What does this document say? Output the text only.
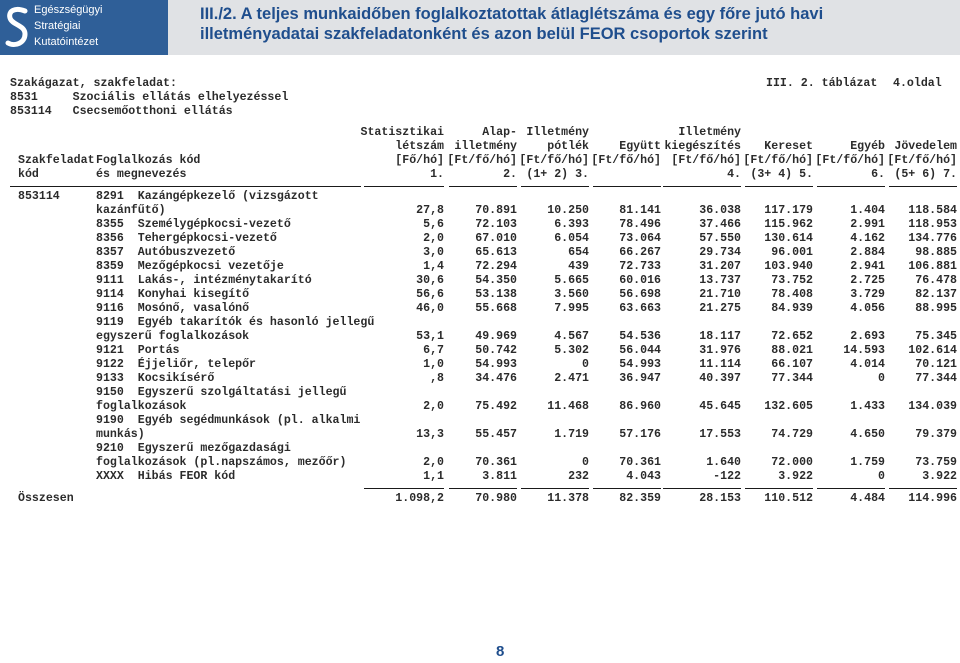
Egészségügyi
Stratégiai
Kutatóintézet
III./2. A teljes munkaidőben foglalkoztatottak átlaglétszáma és egy főre jutó havi
illetményadatai szakfeladatonként és azon belül FEOR csoportok szerint
Szakágazat, szakfeladat:	III. 2. táblázat 4.oldal
8531     Szociális ellátás elhelyezéssel
853114   Csecsemőotthoni ellátás
Szakfeladat
kód
Foglalkozás kód
és megnevezés
Statisztikai
létszám
[Fő/hó]
1.
Alap-
illetmény
[Ft/fő/hó]
2.
Illetmény
pótlék
[Ft/fő/hó]
(1+ 2) 3.
Együtt
[Ft/fő/hó]
Illetmény
kiegészítés
[Ft/fő/hó]
4.
Kereset
[Ft/fő/hó]
(3+ 4) 5.
Egyéb
[Ft/fő/hó]
6.
Jövedelem
[Ft/fő/hó]
(5+ 6) 7.
853114	8291  Kazángépkezelő (vizsgázott
kazánfűtő)	27,8	70.891	10.250	81.141	36.038	117.179	1.404	118.584
8355  Személygépkocsi-vezető	5,6	72.103	6.393	78.496	37.466	115.962	2.991	118.953
8356  Tehergépkocsi-vezető	2,0	67.010	6.054	73.064	57.550	130.614	4.162	134.776
8357  Autóbuszvezető	3,0	65.613	654	66.267	29.734	96.001	2.884	98.885
8359  Mezőgépkocsi vezetője	1,4	72.294	439	72.733	31.207	103.940	2.941	106.881
9111  Lakás-, intézménytakarító	30,6	54.350	5.665	60.016	13.737	73.752	2.725	76.478
9114  Konyhai kisegítő	56,6	53.138	3.560	56.698	21.710	78.408	3.729	82.137
9116  Mosónő, vasalónő	46,0	55.668	7.995	63.663	21.275	84.939	4.056	88.995
9119  Egyéb takarítók és hasonló jellegű
egyszerű foglalkozások	53,1	49.969	4.567	54.536	18.117	72.652	2.693	75.345
9121  Portás	6,7	50.742	5.302	56.044	31.976	88.021	14.593	102.614
9122  Éjjeliőr, telepőr	1,0	54.993	0	54.993	11.114	66.107	4.014	70.121
9133  Kocsikísérő	,8	34.476	2.471	36.947	40.397	77.344	0	77.344
9150  Egyszerű szolgáltatási jellegű
foglalkozások	2,0	75.492	11.468	86.960	45.645	132.605	1.433	134.039
9190  Egyéb segédmunkások (pl. alkalmi
munkás)	13,3	55.457	1.719	57.176	17.553	74.729	4.650	79.379
9210  Egyszerű mezőgazdasági
foglalkozások (pl.napszámos, mezőőr)	2,0	70.361	0	70.361	1.640	72.000	1.759	73.759
XXXX  Hibás FEOR kód	1,1	3.811	232	4.043	-122	3.922	0	3.922
Összesen	1.098,2	70.980	11.378	82.359	28.153	110.512	4.484	114.996
8
